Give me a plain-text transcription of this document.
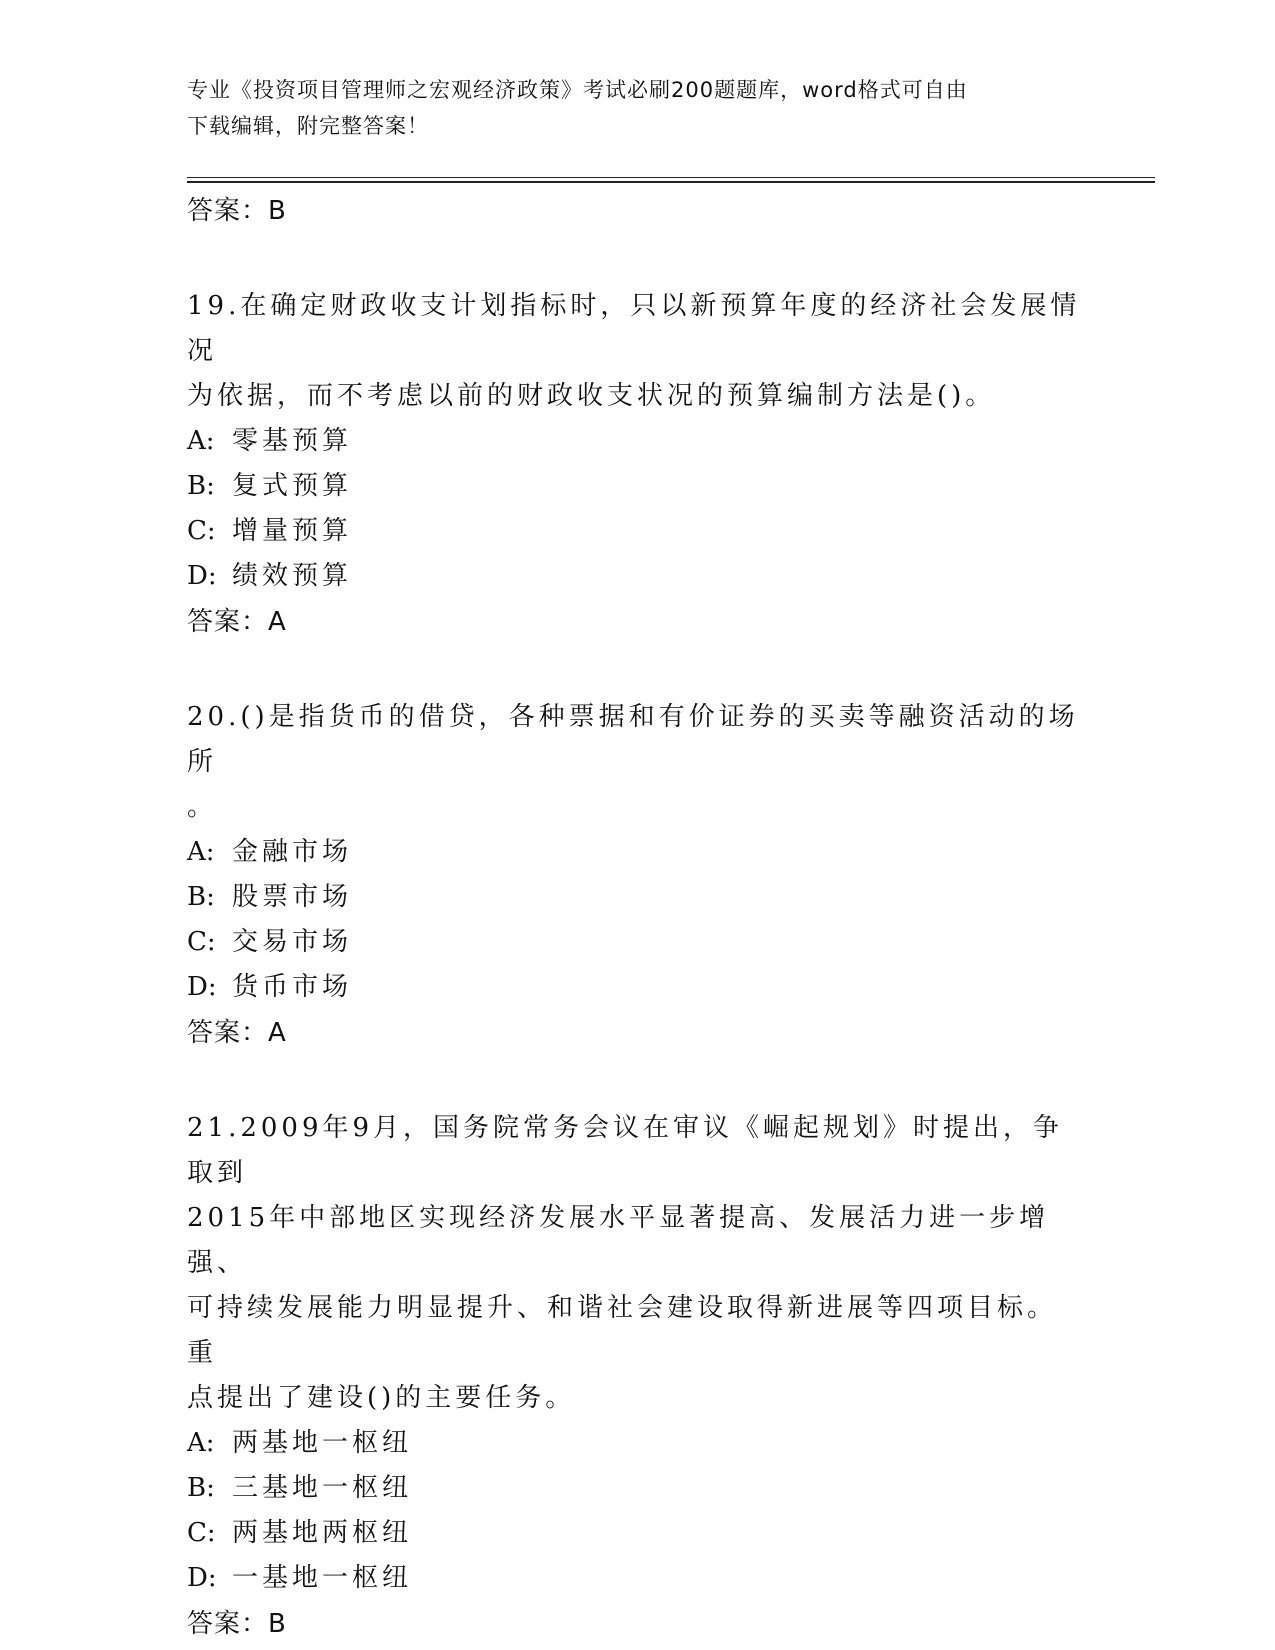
专业《投资项目管理师之宏观经济政策》考试必刷200题题库，word格式可自由
下载编辑，附完整答案！
答案：B
19.在确定财政收支计划指标时，只以新预算年度的经济社会发展情况
为依据，而不考虑以前的财政收支状况的预算编制方法是()。
A: 零基预算
B: 复式预算
C: 增量预算
D: 绩效预算
答案：A
20.()是指货币的借贷，各种票据和有价证券的买卖等融资活动的场所
。
A: 金融市场
B: 股票市场
C: 交易市场
D: 货币市场
答案：A
21.2009年9月，国务院常务会议在审议《崛起规划》时提出，争取到
2015年中部地区实现经济发展水平显著提高、发展活力进一步增强、
可持续发展能力明显提升、和谐社会建设取得新进展等四项目标。重
点提出了建设()的主要任务。
A: 两基地一枢纽
B: 三基地一枢纽
C: 两基地两枢纽
D: 一基地一枢纽
答案：B
